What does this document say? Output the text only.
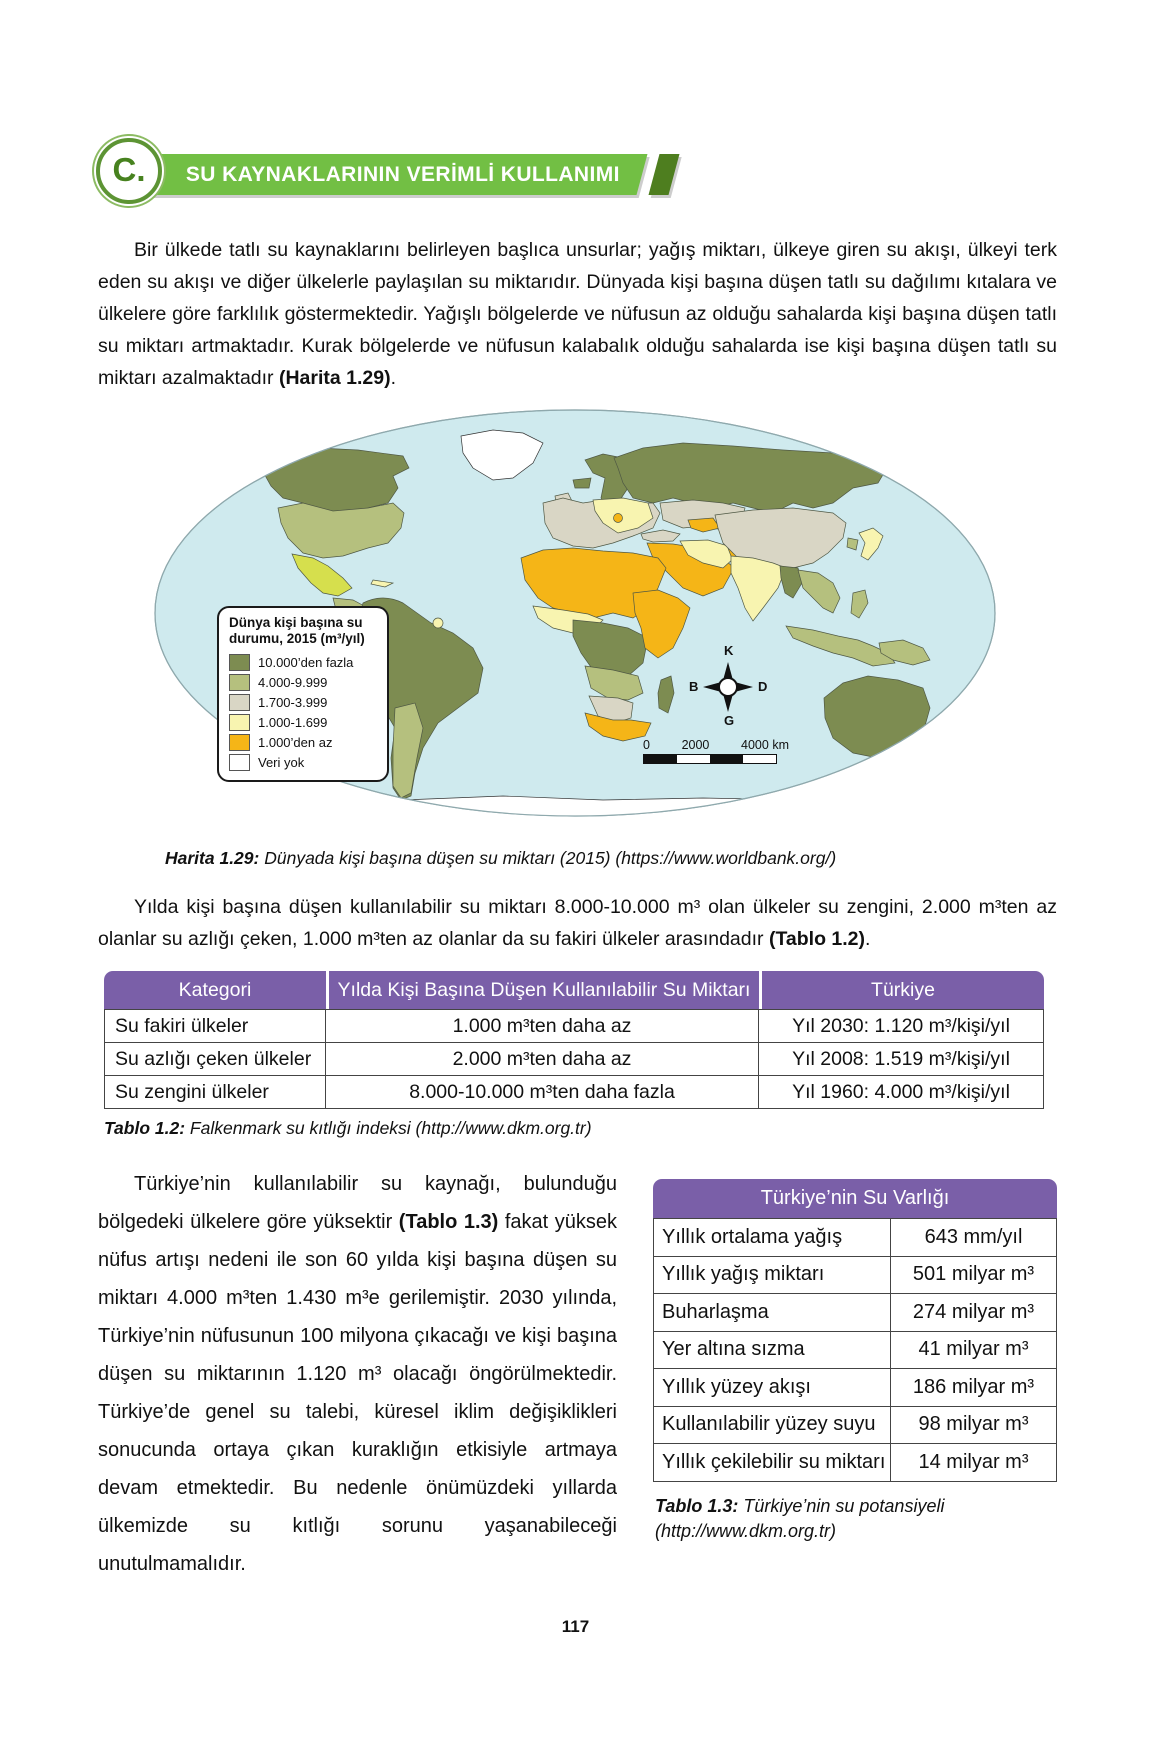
C. SU KAYNAKLARININ VERİMLİ KULLANIMI

Bir ülkede tatlı su kaynaklarını belirleyen başlıca unsurlar; yağış miktarı, ülkeye giren su akışı, ülkeyi terk eden su akışı ve diğer ülkelerle paylaşılan su miktarıdır. Dünyada kişi başına düşen tatlı su dağılımı kıtalara ve ülkelere göre farklılık göstermektedir. Yağışlı bölgelerde ve nüfusun az olduğu sahalarda kişi başına düşen tatlı su miktarı artmaktadır. Kurak bölgelerde ve nüfusun kalabalık olduğu sahalarda ise kişi başına düşen tatlı su miktarı azalmaktadır (Harita 1.29).

Dünya kişi başına su
durumu, 2015 (m³/yıl)
10.000’den fazla
4.000-9.999
1.700-3.999
1.000-1.699
1.000’den az
Veri yok
K
D
G
B
0	2000	4000 km
Harita 1.29: Dünyada kişi başına düşen su miktarı (2015) (https://www.worldbank.org/)

Yılda kişi başına düşen kullanılabilir su miktarı 8.000-10.000 m³ olan ülkeler su zengini, 2.000 m³ten az olanlar su azlığı çeken, 1.000 m³ten az olanlar da su fakiri ülkeler arasındadır (Tablo 1.2).

Kategori	Yılda Kişi Başına Düşen Kullanılabilir Su Miktarı	Türkiye
Su fakiri ülkeler	1.000 m³ten daha az	Yıl 2030: 1.120 m³/kişi/yıl
Su azlığı çeken ülkeler	2.000 m³ten daha az	Yıl 2008: 1.519 m³/kişi/yıl
Su zengini ülkeler	8.000-10.000 m³ten daha fazla	Yıl 1960: 4.000 m³/kişi/yıl
Tablo 1.2: Falkenmark su kıtlığı indeksi (http://www.dkm.org.tr)
Türkiye’nin kullanılabilir su kaynağı, bulunduğu bölgedeki ülkelere göre yüksektir (Tablo 1.3) fakat yüksek nüfus artışı nedeni ile son 60 yılda kişi başına düşen su miktarı 4.000 m³ten 1.430 m³e gerilemiştir. 2030 yılında, Türkiye’nin nüfusunun 100 milyona çıkacağı ve kişi başına düşen su miktarının 1.120 m³ olacağı öngörülmektedir. Türkiye’de genel su talebi, küresel iklim değişiklikleri sonucunda ortaya çıkan kuraklığın etkisiyle artmaya devam etmektedir. Bu nedenle önümüzdeki yıllarda ülkemizde su kıtlığı sorunu yaşanabileceği unutulmamalıdır.
Türkiye’nin Su Varlığı	
Yıllık ortalama yağış	643 mm/yıl
Yıllık yağış miktarı	501 milyar m³
Buharlaşma	274 milyar m³
Yer altına sızma	41 milyar m³
Yıllık yüzey akışı	186 milyar m³
Kullanılabilir yüzey suyu	98 milyar m³
Yıllık çekilebilir su miktarı	14 milyar m³
Tablo 1.3: Türkiye’nin su potansiyeli
(http://www.dkm.org.tr)
117
